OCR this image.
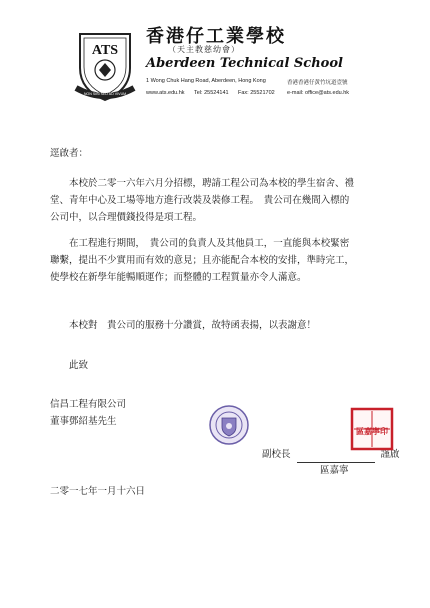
ATS
NON SIBI SED AD VIVUM
香港仔工業學校
（天主教慈幼會）
Aberdeen Technical School
1 Wong Chuk Hang Road, Aberdeen, Hong Kong	香港香港仔黃竹坑道壹號
www.ats.edu.hk Tel: 25524141 Fax: 25521702 e-mail: office@ats.edu.hk
逕啟者：
本校於二零一六年六月分招標，聘請工程公司為本校的學生宿舍、禮
堂、青年中心及工場等地方進行改裝及裝修工程。　貴公司在幾間入標的
公司中，以合理價錢投得是項工程。
在工程進行期間，　貴公司的負責人及其他員工，一直能與本校緊密
聯繫，提出不少實用而有效的意見；且亦能配合本校的安排，準時完工，
使學校在新學年能暢順運作；而整體的工程質量亦令人滿意。
本校對　貴公司的服務十分讚賞，故特函表揚，以表謝意！
此致
信昌工程有限公司
董事鄧紹基先生
副校長	謹啟
區嘉寧
區嘉寧印
二零一七年一月十六日
